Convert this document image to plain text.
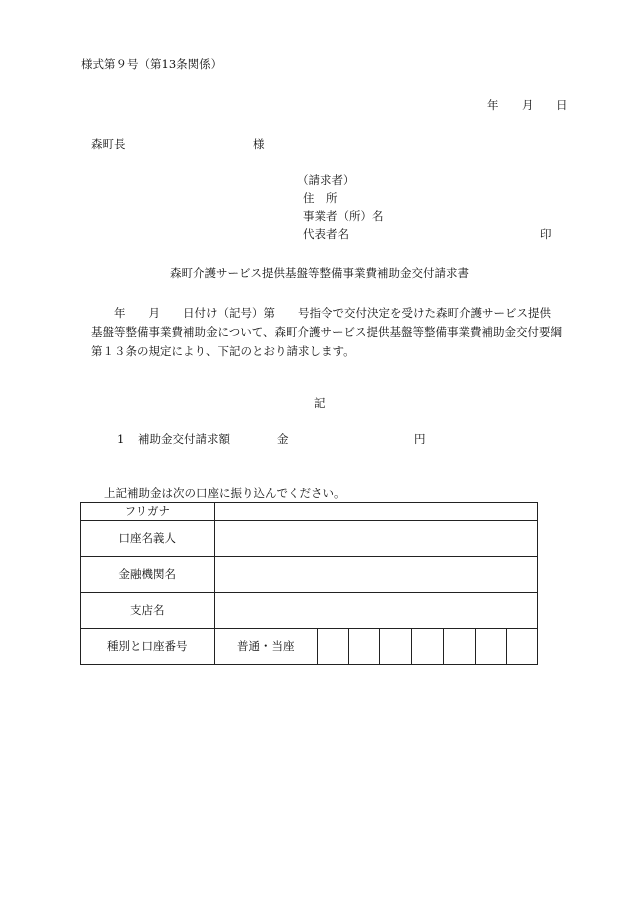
様式第９号（第13条関係）
年 月 日
森町長	様
（請求者）
住　所
事業者（所）名
代表者名	印
森町介護サービス提供基盤等整備事業費補助金交付請求書
　　年　　月　　日付け（記号）第　　号指令で交付決定を受けた森町介護サービス提供
基盤等整備事業費補助金について、森町介護サービス提供基盤等整備事業費補助金交付要綱
第１３条の規定により、下記のとおり請求します。
記
1 補助金交付請求額	金	円
上記補助金は次の口座に振り込んでください。
フリガナ								
口座名義人								
金融機関名								
支店名								
種別と口座番号	普通・当座							
